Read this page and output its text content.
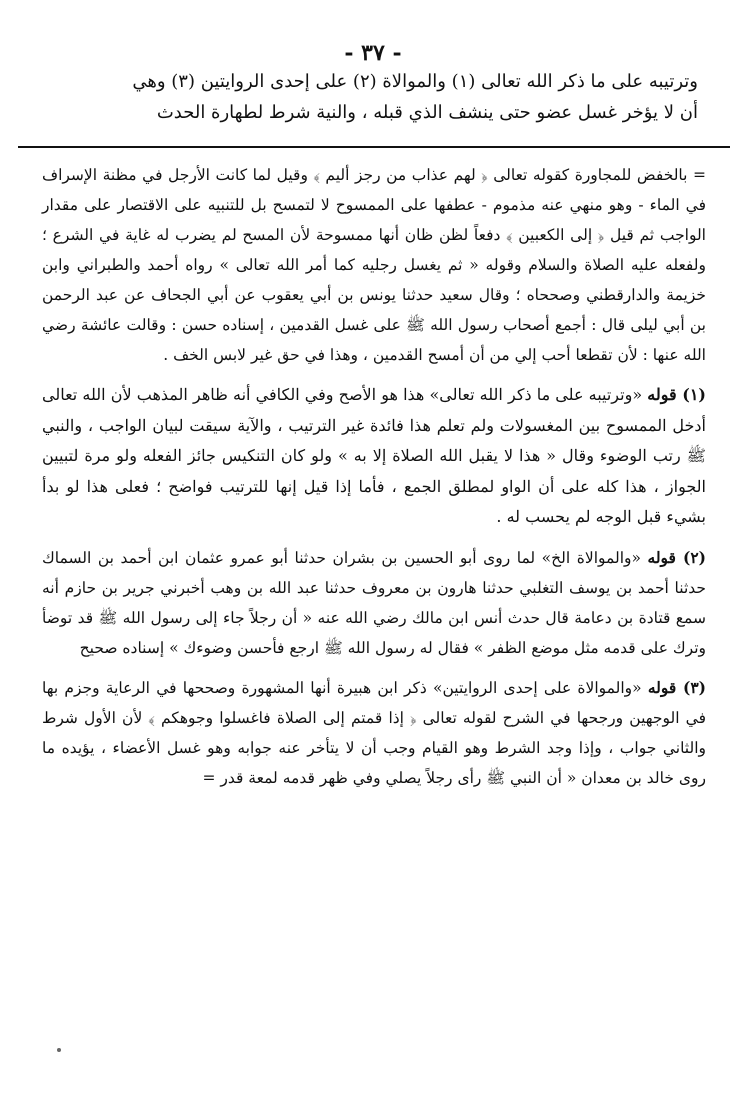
- ٣٧ -

وترتيبه على ما ذكر الله تعالى (١) والموالاة (٢) على إحدى الروايتين (٣) وهي

أن لا يؤخر غسل عضو حتى ينشف الذي قبله ، والنية شرط لطهارة الحدث

= بالخفض للمجاورة كقوله تعالى ﴿ لهم عذاب من رجز أليم ﴾ وقيل لما كانت الأرجل في مظنة الإسراف في الماء - وهو منهي عنه مذموم - عطفها على الممسوح لا لتمسح بل للتنبيه على الاقتصار على مقدار الواجب ثم قيل ﴿ إلى الكعبين ﴾ دفعاً لظن ظان أنها ممسوحة لأن المسح لم يضرب له غاية في الشرع ؛ ولفعله عليه الصلاة والسلام وقوله « ثم يغسل رجليه كما أمر الله تعالى » رواه أحمد والطبراني وابن خزيمة والدارقطني وصححاه ؛ وقال سعيد حدثنا يونس بن أبي يعقوب عن أبي الجحاف عن عبد الرحمن بن أبي ليلى قال : أجمع أصحاب رسول الله ﷺ على غسل القدمين ، إسناده حسن : وقالت عائشة رضي الله عنها : لأن تقطعا أحب إلي من أن أمسح القدمين ، وهذا في حق غير لابس الخف .

(١) قوله «وترتيبه على ما ذكر الله تعالى» هذا هو الأصح وفي الكافي أنه ظاهر المذهب لأن الله تعالى أدخل الممسوح بين المغسولات ولم تعلم هذا فائدة غير الترتيب ، والآية سيقت لبيان الواجب ، والنبي ﷺ رتب الوضوء وقال « هذا لا يقبل الله الصلاة إلا به » ولو كان التنكيس جائز الفعله ولو مرة لتبيين الجواز ، هذا كله على أن الواو لمطلق الجمع ، فأما إذا قيل إنها للترتيب فواضح ؛ فعلى هذا لو بدأ بشيء قبل الوجه لم يحسب له .

(٢) قوله «والموالاة الخ» لما روى أبو الحسين بن بشران حدثنا أبو عمرو عثمان ابن أحمد بن السماك حدثنا أحمد بن يوسف التغلبي حدثنا هارون بن معروف حدثنا عبد الله بن وهب أخبرني جرير بن حازم أنه سمع قتادة بن دعامة قال حدث أنس ابن مالك رضي الله عنه « أن رجلاً جاء إلى رسول الله ﷺ قد توضأ وترك على قدمه مثل موضع الظفر » فقال له رسول الله ﷺ ارجع فأحسن وضوءك » إسناده صحيح

(٣) قوله «والموالاة على إحدى الروايتين» ذكر ابن هبيرة أنها المشهورة وصححها في الرعاية وجزم بها في الوجهين ورجحها في الشرح لقوله تعالى ﴿ إذا قمتم إلى الصلاة فاغسلوا وجوهكم ﴾ لأن الأول شرط والثاني جواب ، وإذا وجد الشرط وهو القيام وجب أن لا يتأخر عنه جوابه وهو غسل الأعضاء ، يؤيده ما روى خالد بن معدان « أن النبي ﷺ رأى رجلاً يصلي وفي ظهر قدمه لمعة قدر =
